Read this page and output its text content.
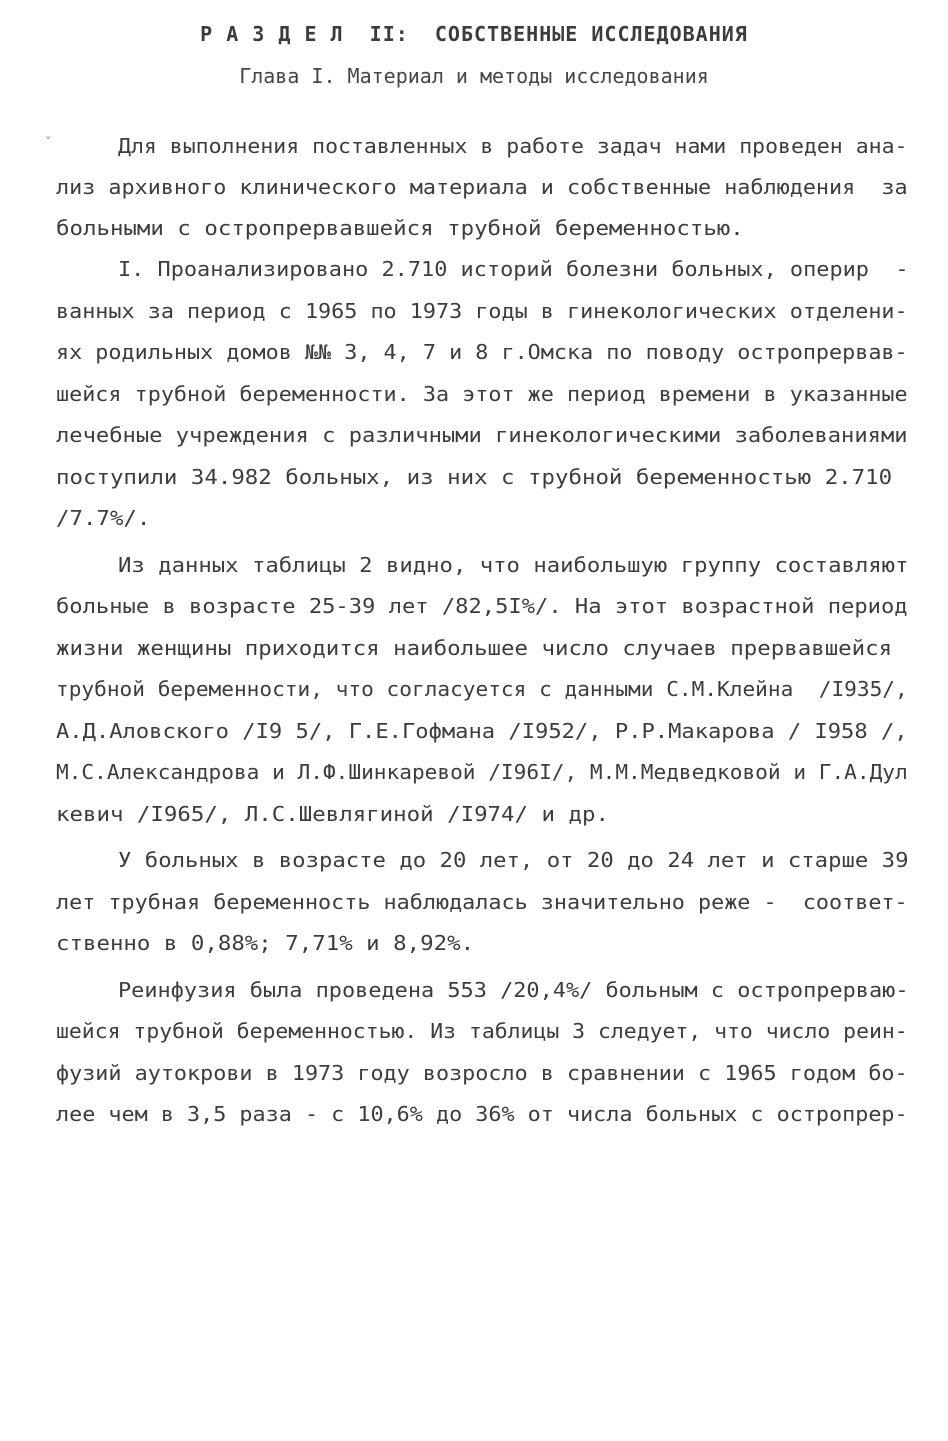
Р А З Д Е Л  II:  СОБСТВЕННЫЕ ИССЛЕДОВАНИЯ
Глава I. Материал и методы исследования
ˇ	Для выполнения поставленных в работе задач нами проведен ана-
лиз архивного клинического материала и собственные наблюдения  за
больными с остропрервавшейся трубной беременностью.
I. Проанализировано 2.710 историй болезни больных, оперир  -
ванных за период с 1965 по 1973 годы в гинекологических отделени-
ях родильных домов №№ 3, 4, 7 и 8 г.Омска по поводу остропрервав-
шейся трубной беременности. За этот же период времени в указанные
лечебные учреждения с различными гинекологическими заболеваниями
поступили 34.982 больных, из них с трубной беременностью 2.710
/7.7%/.
Из данных таблицы 2 видно, что наибольшую группу составляют
больные в возрасте 25-39 лет /82,5I%/. На этот возрастной период
жизни женщины приходится наибольшее число случаев прервавшейся
трубной беременности, что согласуется с данными С.М.Клейна  /I935/,
А.Д.Аловского /I9 5/, Г.Е.Гофмана /I952/, Р.Р.Макарова / I958 /,
М.С.Александрова и Л.Ф.Шинкаревой /I96I/, М.М.Медведковой и Г.А.Дул
кевич /I965/, Л.С.Шевлягиной /I974/ и др.
У больных в возрасте до 20 лет, от 20 до 24 лет и старше 39
лет трубная беременность наблюдалась значительно реже -  соответ-
ственно в 0,88%; 7,71% и 8,92%.
Реинфузия была проведена 553 /20,4%/ больным с остропрерваю-
шейся трубной беременностью. Из таблицы 3 следует, что число реин-
фузий аутокрови в 1973 году возросло в сравнении с 1965 годом бо-
лее чем в 3,5 раза - с 10,6% до 36% от числа больных с остропрер-
